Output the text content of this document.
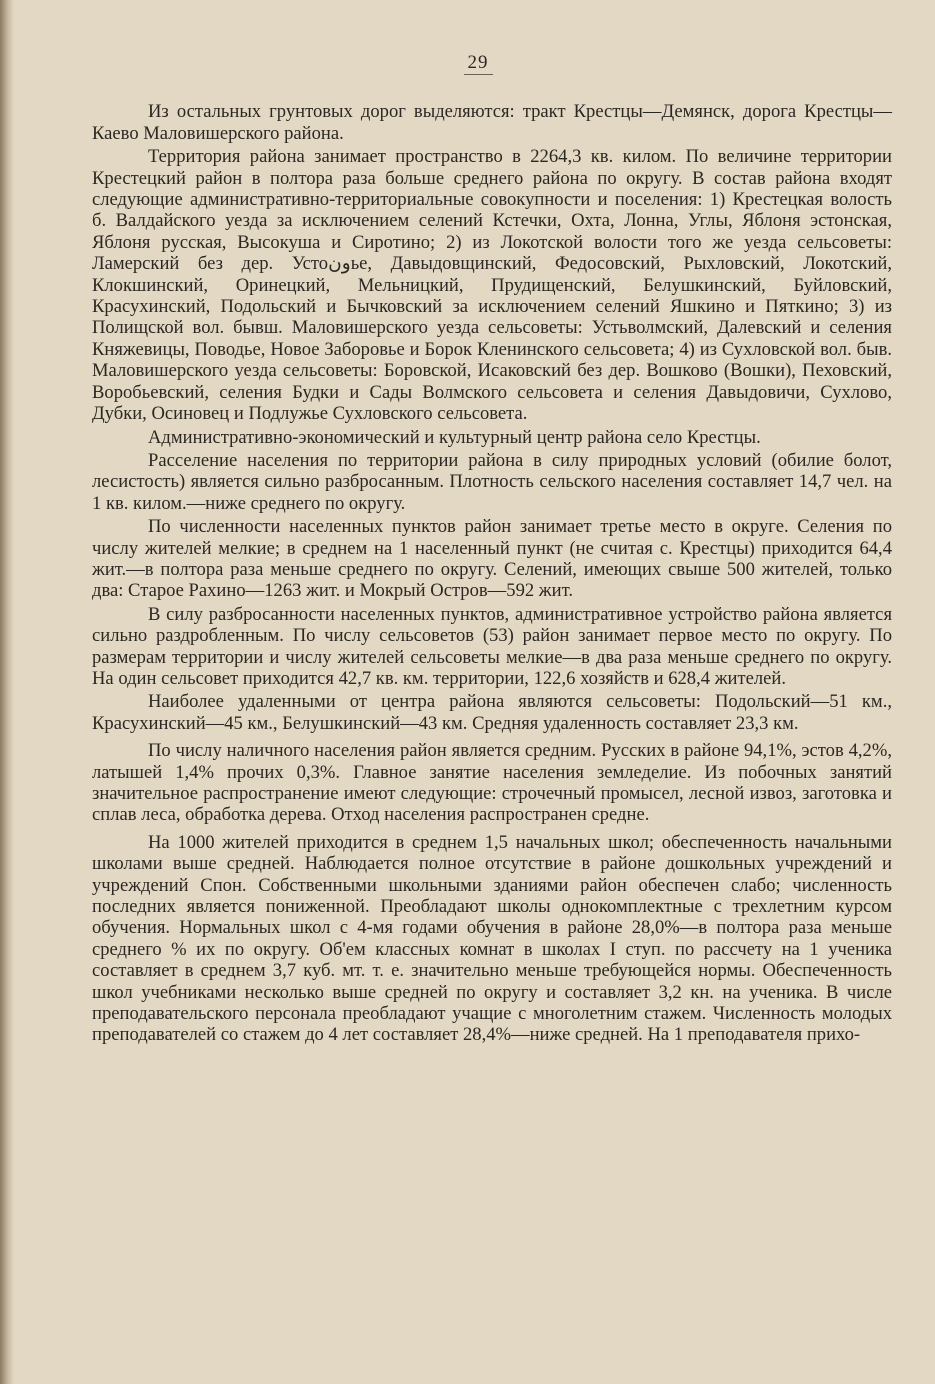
29

Из остальных грунтовых дорог выделяются: тракт Крестцы—Демянск, дорога Крестцы—Каево Маловишерского района.

Территория района занимает пространство в 2264,3 кв. килом. По величине территории Крестецкий район в полтора раза больше среднего района по округу. В состав района входят следующие административно-территориальные совокупности и поселения: 1) Крестецкая волость б. Валдайского уезда за исключением селений Кстечки, Охта, Лонна, Углы, Яблоня эстонская, Яблоня русская, Высокуша и Сиротино; 2) из Локотской волости того же уезда сельсоветы: Ламерский без дер. Устоونье, Давыдовщинский, Федосовский, Рыхловский, Локотский, Клокшинский, Оринецкий, Мельницкий, Прудищенский, Белушкинский, Буйловский, Красухинский, Подольский и Бычковский за исключением селений Яшкино и Пяткино; 3) из Полищской вол. бывш. Маловишерского уезда сельсоветы: Устьволмский, Далевский и селения Княжевицы, Поводье, Новое Заборовье и Борок Кленинского сельсовета; 4) из Сухловской вол. быв. Маловишерского уезда сельсоветы: Боровской, Исаковский без дер. Вошково (Вошки), Пеховский, Воробьевский, селения Будки и Сады Волмского сельсовета и селения Давыдовичи, Сухлово, Дубки, Осиновец и Подлужье Сухловского сельсовета.

Административно-экономический и культурный центр района село Крестцы.

Расселение населения по территории района в силу природных условий (обилие болот, лесистость) является сильно разбросанным. Плотность сельского населения составляет 14,7 чел. на 1 кв. килом.—ниже среднего по округу.

По численности населенных пунктов район занимает третье место в округе. Селения по числу жителей мелкие; в среднем на 1 населенный пункт (не считая с. Крестцы) приходится 64,4 жит.—в полтора раза меньше среднего по округу. Селений, имеющих свыше 500 жителей, только два: Старое Рахино—1263 жит. и Мокрый Остров—592 жит.

В силу разбросанности населенных пунктов, административное устройство района является сильно раздробленным. По числу сельсоветов (53) район занимает первое место по округу. По размерам территории и числу жителей сельсоветы мелкие—в два раза меньше среднего по округу. На один сельсовет приходится 42,7 кв. км. территории, 122,6 хозяйств и 628,4 жителей.

Наиболее удаленными от центра района являются сельсоветы: Подольский—51 км., Красухинский—45 км., Белушкинский—43 км. Средняя удаленность составляет 23,3 км.

По числу наличного населения район является средним. Русских в районе 94,1%, эстов 4,2%, латышей 1,4% прочих 0,3%. Главное занятие населения земледелие. Из побочных занятий значительное распространение имеют следующие: строчечный промысел, лесной извоз, заготовка и сплав леса, обработка дерева. Отход населения распространен средне.

На 1000 жителей приходится в среднем 1,5 начальных школ; обеспеченность начальными школами выше средней. Наблюдается полное отсутствие в районе дошкольных учреждений и учреждений Спон. Собственными школьными зданиями район обеспечен слабо; численность последних является пониженной. Преобладают школы однокомплектные с трехлетним курсом обучения. Нормальных школ с 4-мя годами обучения в районе 28,0%—в полтора раза меньше среднего % их по округу. Об'ем классных комнат в школах I ступ. по рассчету на 1 ученика составляет в среднем 3,7 куб. мт. т. е. значительно меньше требующейся нормы. Обеспеченность школ учебниками несколько выше средней по округу и составляет 3,2 кн. на ученика. В числе преподавательского персонала преобладают учащие с многолетним стажем. Численность молодых преподавателей со стажем до 4 лет составляет 28,4%—ниже средней. На 1 преподавателя прихо-
